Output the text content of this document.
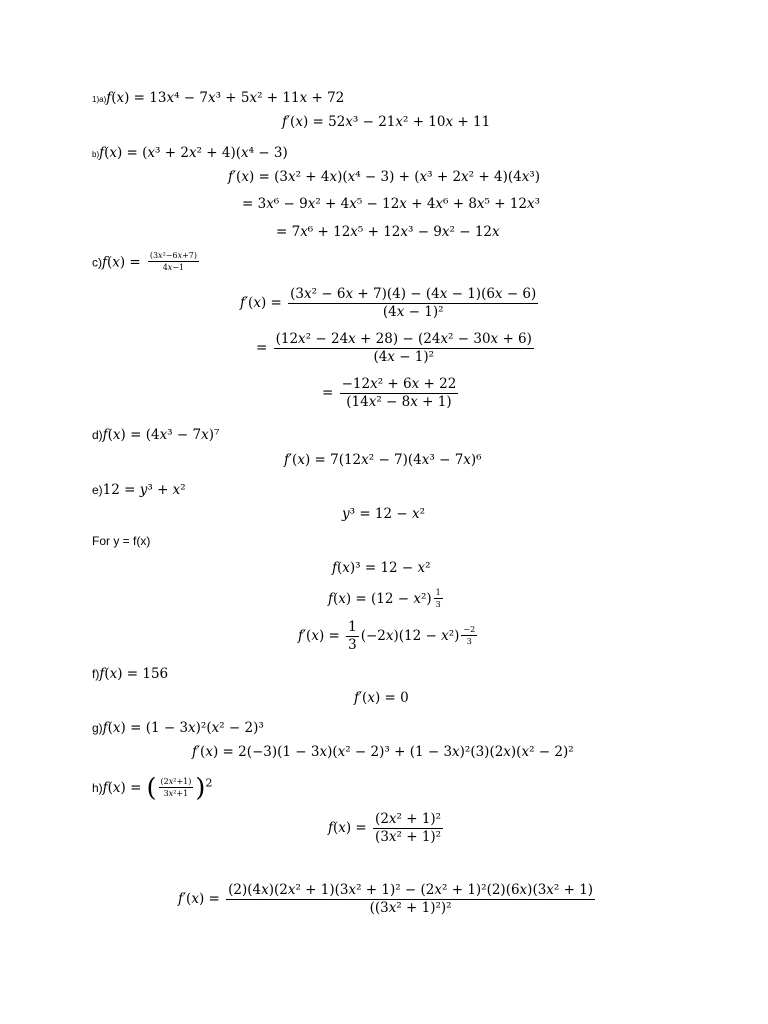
1)a)𝑓(𝑥) = 13𝑥⁴ − 7𝑥³ + 5𝑥² + 11𝑥 + 72
𝑓′(𝑥) = 52𝑥³ − 21𝑥² + 10𝑥 + 11
b)𝑓(𝑥) = (𝑥³ + 2𝑥² + 4)(𝑥⁴ − 3)
𝑓′(𝑥) = (3𝑥² + 4𝑥)(𝑥⁴ − 3) + (𝑥³ + 2𝑥² + 4)(4𝑥³)
= 3𝑥⁶ − 9𝑥² + 4𝑥⁵ − 12𝑥 + 4𝑥⁶ + 8𝑥⁵ + 12𝑥³
= 7𝑥⁶ + 12𝑥⁵ + 12𝑥³ − 9𝑥² − 12𝑥
c)𝑓(𝑥) = $\frac{\text{(3𝑥²−6𝑥+7)}}{\text{4𝑥−1}}$
𝑓′(𝑥) = $\frac{\text{(3𝑥² − 6𝑥 + 7)(4) − (4𝑥 − 1)(6𝑥 − 6)}}{\text{(4𝑥 − 1)²}}$
= $\frac{\text{(12𝑥² − 24𝑥 + 28) − (24𝑥² − 30𝑥 + 6)}}{\text{(4𝑥 − 1)²}}$
= $\frac{\text{−12𝑥² + 6𝑥 + 22}}{\text{(14𝑥² − 8𝑥 + 1)}}$
d)𝑓(𝑥) = (4𝑥³ − 7𝑥)⁷
𝑓′(𝑥) = 7(12𝑥² − 7)(4𝑥³ − 7𝑥)⁶
e)12 = 𝑦³ + 𝑥²
𝑦³ = 12 − 𝑥²
For y = f(x)
𝑓(𝑥)³ = 12 − 𝑥²
𝑓(𝑥) = (12 − 𝑥²) $\frac{1}{3}$
𝑓′(𝑥) = $\frac{1}{3}$ (−2𝑥)(12 − 𝑥²) $\frac{-2}{3}$
f)𝑓(𝑥) = 156
𝑓′(𝑥) = 0
g)𝑓(𝑥) = (1 − 3𝑥)²(𝑥² − 2)³
𝑓′(𝑥) = 2(−3)(1 − 3𝑥)(𝑥² − 2)³ + (1 − 3𝑥)²(3)(2𝑥)(𝑥² − 2)²
h)𝑓(𝑥) = ( $\frac{\text{(2𝑥²+1)}}{\text{3𝑥²+1}} )^2$
𝑓(𝑥) = $\frac{\text{(2𝑥² + 1)²}}{\text{(3𝑥² + 1)²}}$
𝑓′(𝑥) =
(2)(4𝑥)(2𝑥² + 1)(3𝑥² + 1)² − (2𝑥² + 1)²(2)(6𝑥)(3𝑥² + 1)
((3𝑥² + 1)²)²
